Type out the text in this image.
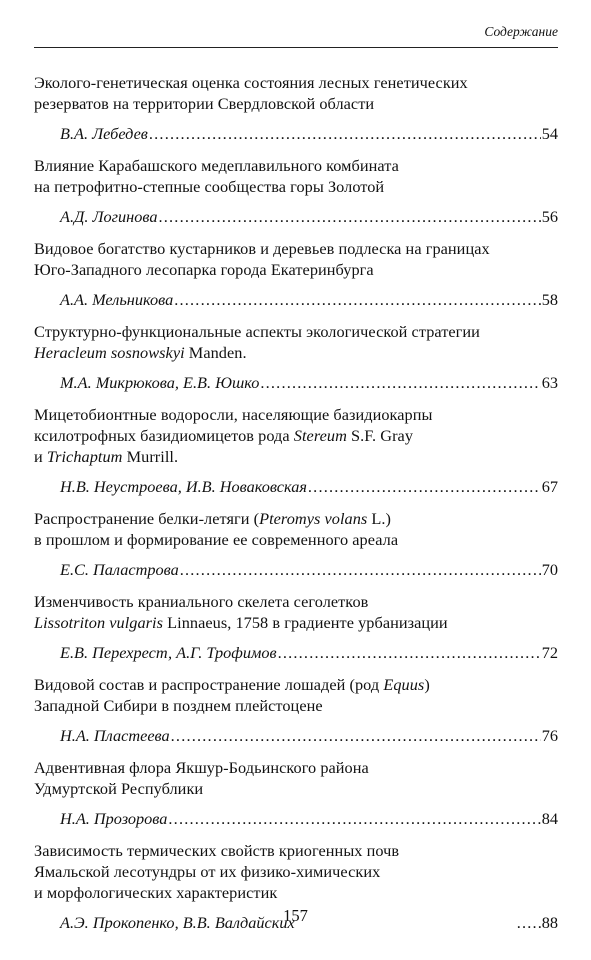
Содержание
Эколого-генетическая оценка состояния лесных генетических
резерватов на территории Свердловской области
В.А. Лебедев .....	54
Влияние Карабашского медеплавильного комбината
на петрофитно-степные сообщества горы Золотой
А.Д. Логинова .....	56
Видовое богатство кустарников и деревьев подлеска на границах
Юго-Западного лесопарка города Екатеринбурга
А.А. Мельникова .....	58
Структурно-функциональные аспекты экологической стратегии
Heracleum sosnowskyi Manden.
М.А. Микрюкова, Е.В. Юшко .....	63
Мицетобионтные водоросли, населяющие базидиокарпы
ксилотрофных базидиомицетов рода Stereum S.F. Gray
и Trichaptum Murrill.
Н.В. Неустроева, И.В. Новаковская .....	67
Распространение белки-летяги (Pteromys volans L.)
в прошлом и формирование ее современного ареала
Е.С. Паластрова .....	70
Изменчивость краниального скелета сеголетков
Lissotriton vulgaris Linnaeus, 1758 в градиенте урбанизации
Е.В. Перехрест, А.Г. Трофимов .....	72
Видовой состав и распространение лошадей (род Equus)
Западной Сибири в позднем плейстоцене
Н.А. Пластеева .....	76
Адвентивная флора Якшур-Бодьинского района
Удмуртской Республики
Н.А. Прозорова .....	84
Зависимость термических свойств криогенных почв
Ямальской лесотундры от их физико-химических
и морфологических характеристик
А.Э. Прокопенко, В.В. Валдайских .....	88
157
